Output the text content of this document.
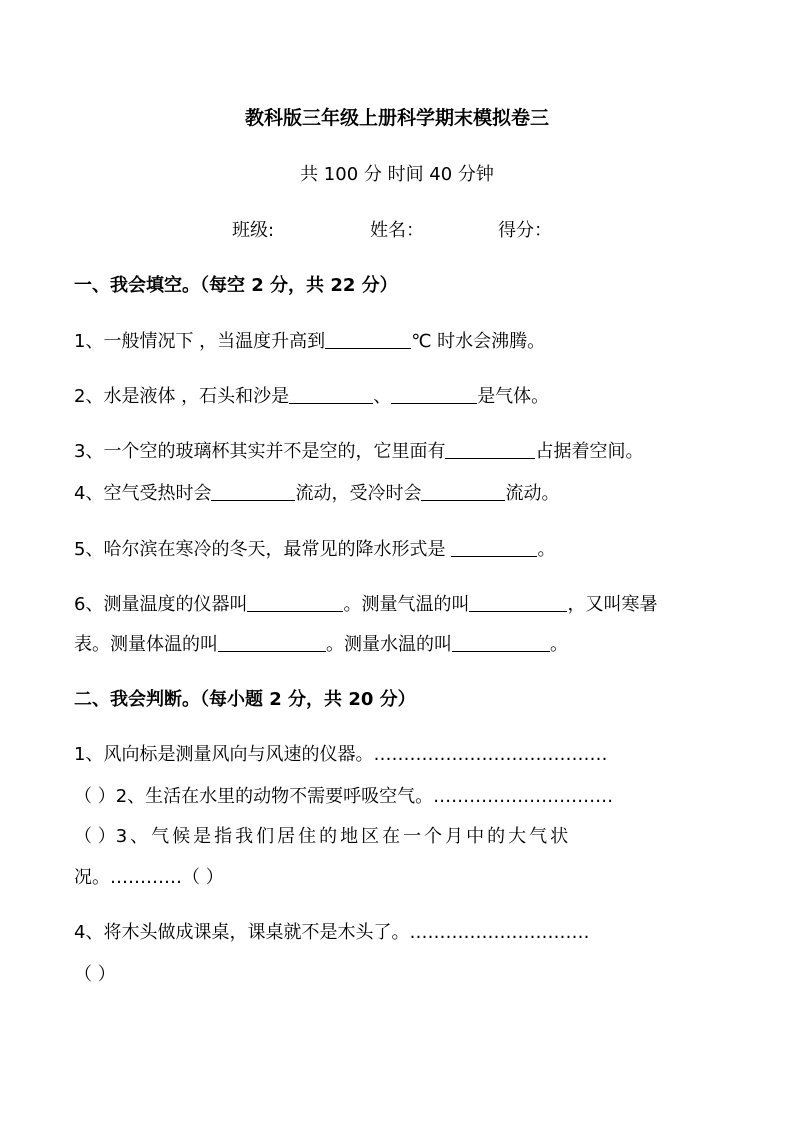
教科版三年级上册科学期末模拟卷三
共 100 分 时间 40 分钟
班级:	姓名：	得分：
一、我会填空。（每空 2 分，共 22 分）
1、一般情况下 ，当温度升高到	℃ 时水会沸腾。
2、水是液体 ，石头和沙是	、	是气体。
3、一个空的玻璃杯其实并不是空的，它里面有	占据着空间。
4、空气受热时会	流动，受冷时会	流动。
5、哈尔滨在寒冷的冬天，最常见的降水形式是	。
6、测量温度的仪器叫	。测量气温的叫	，又叫寒暑
表。测量体温的叫	。测量水温的叫	。
二、我会判断。（每小题 2 分，共 20 分）
1、风向标是测量风向与风速的仪器。…………………………………
（ ）2、生活在水里的动物不需要呼吸空气。…………………………
（ ）3、气候是指我们居住的地区在一个月中的大气状
况。…………（ ）
4、将木头做成课桌，课桌就不是木头了。…………………………
（ ）
